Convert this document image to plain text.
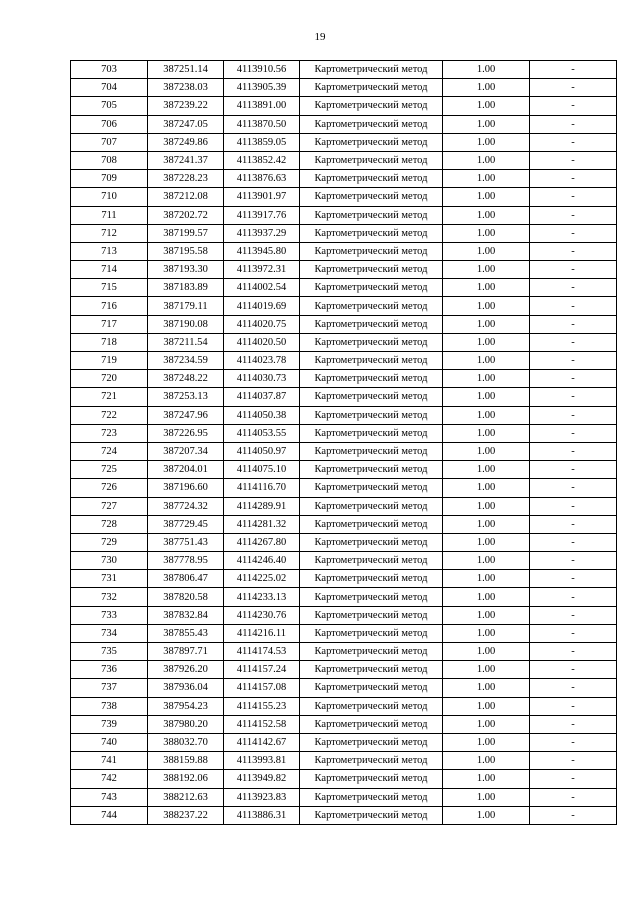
19
703	387251.14	4113910.56	Картометрический метод	1.00	-
704	387238.03	4113905.39	Картометрический метод	1.00	-
705	387239.22	4113891.00	Картометрический метод	1.00	-
706	387247.05	4113870.50	Картометрический метод	1.00	-
707	387249.86	4113859.05	Картометрический метод	1.00	-
708	387241.37	4113852.42	Картометрический метод	1.00	-
709	387228.23	4113876.63	Картометрический метод	1.00	-
710	387212.08	4113901.97	Картометрический метод	1.00	-
711	387202.72	4113917.76	Картометрический метод	1.00	-
712	387199.57	4113937.29	Картометрический метод	1.00	-
713	387195.58	4113945.80	Картометрический метод	1.00	-
714	387193.30	4113972.31	Картометрический метод	1.00	-
715	387183.89	4114002.54	Картометрический метод	1.00	-
716	387179.11	4114019.69	Картометрический метод	1.00	-
717	387190.08	4114020.75	Картометрический метод	1.00	-
718	387211.54	4114020.50	Картометрический метод	1.00	-
719	387234.59	4114023.78	Картометрический метод	1.00	-
720	387248.22	4114030.73	Картометрический метод	1.00	-
721	387253.13	4114037.87	Картометрический метод	1.00	-
722	387247.96	4114050.38	Картометрический метод	1.00	-
723	387226.95	4114053.55	Картометрический метод	1.00	-
724	387207.34	4114050.97	Картометрический метод	1.00	-
725	387204.01	4114075.10	Картометрический метод	1.00	-
726	387196.60	4114116.70	Картометрический метод	1.00	-
727	387724.32	4114289.91	Картометрический метод	1.00	-
728	387729.45	4114281.32	Картометрический метод	1.00	-
729	387751.43	4114267.80	Картометрический метод	1.00	-
730	387778.95	4114246.40	Картометрический метод	1.00	-
731	387806.47	4114225.02	Картометрический метод	1.00	-
732	387820.58	4114233.13	Картометрический метод	1.00	-
733	387832.84	4114230.76	Картометрический метод	1.00	-
734	387855.43	4114216.11	Картометрический метод	1.00	-
735	387897.71	4114174.53	Картометрический метод	1.00	-
736	387926.20	4114157.24	Картометрический метод	1.00	-
737	387936.04	4114157.08	Картометрический метод	1.00	-
738	387954.23	4114155.23	Картометрический метод	1.00	-
739	387980.20	4114152.58	Картометрический метод	1.00	-
740	388032.70	4114142.67	Картометрический метод	1.00	-
741	388159.88	4113993.81	Картометрический метод	1.00	-
742	388192.06	4113949.82	Картометрический метод	1.00	-
743	388212.63	4113923.83	Картометрический метод	1.00	-
744	388237.22	4113886.31	Картометрический метод	1.00	-
